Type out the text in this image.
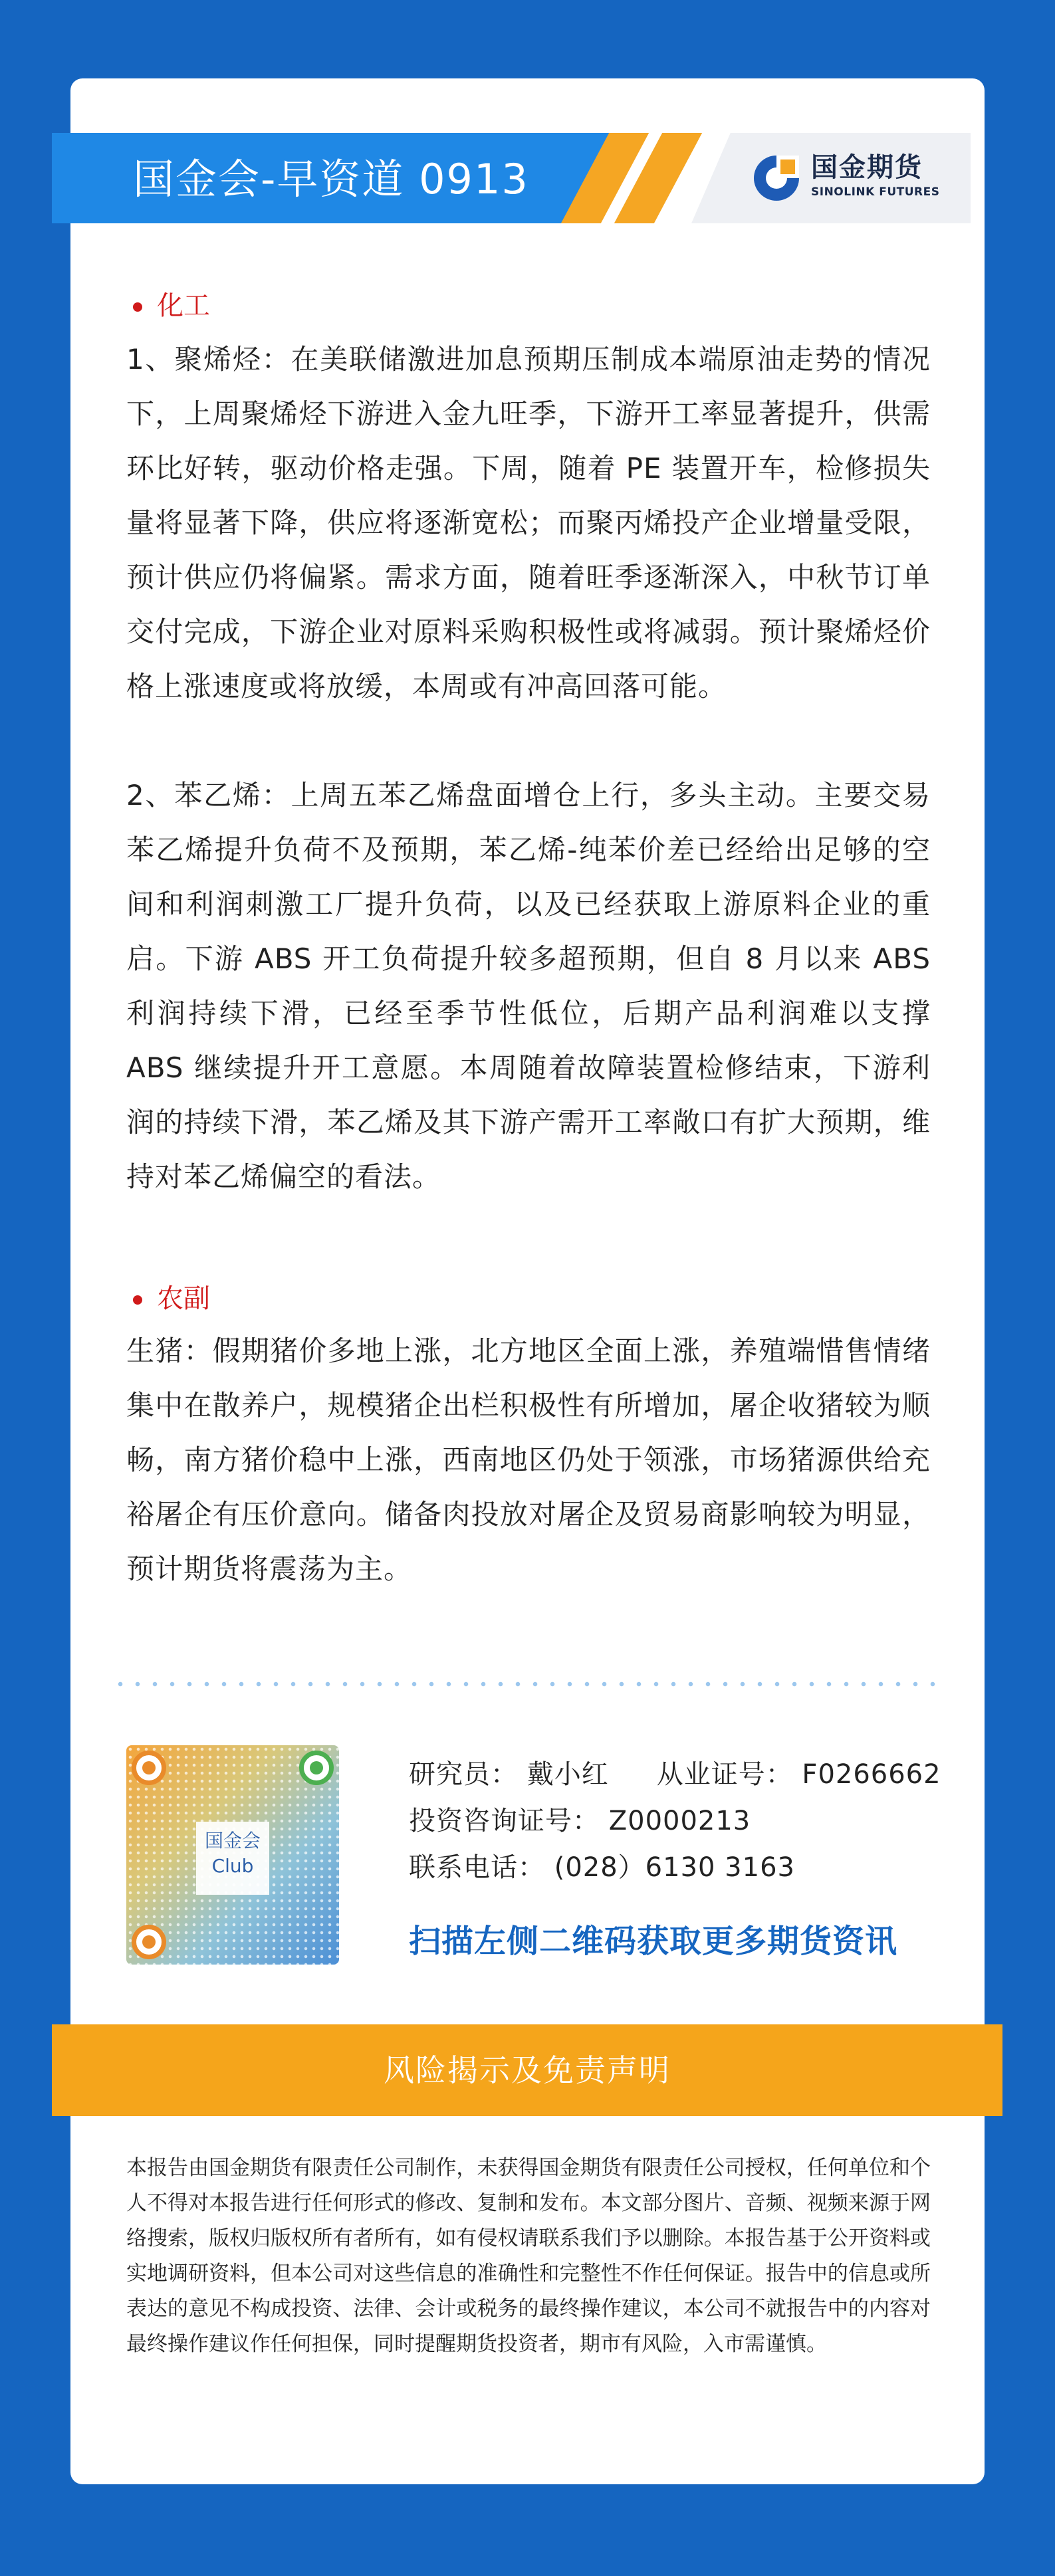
国金会-早资道 0913	国金期货
SINOLINK FUTURES
化工
1、聚烯烃：在美联储激进加息预期压制成本端原油走势的情况下，上周聚烯烃下游进入金九旺季，下游开工率显著提升，供需环比好转，驱动价格走强。下周，随着 PE 装置开车，检修损失量将显著下降，供应将逐渐宽松；而聚丙烯投产企业增量受限，预计供应仍将偏紧。需求方面，随着旺季逐渐深入，中秋节订单交付完成，下游企业对原料采购积极性或将减弱。预计聚烯烃价格上涨速度或将放缓，本周或有冲高回落可能。
2、苯乙烯：上周五苯乙烯盘面增仓上行，多头主动。主要交易苯乙烯提升负荷不及预期，苯乙烯-纯苯价差已经给出足够的空间和利润刺激工厂提升负荷，以及已经获取上游原料企业的重启。下游 ABS 开工负荷提升较多超预期，但自 8 月以来 ABS 利润持续下滑，已经至季节性低位，后期产品利润难以支撑 ABS 继续提升开工意愿。本周随着故障装置检修结束，下游利润的持续下滑，苯乙烯及其下游产需开工率敞口有扩大预期，维持对苯乙烯偏空的看法。
农副
生猪：假期猪价多地上涨，北方地区全面上涨，养殖端惜售情绪集中在散养户，规模猪企出栏积极性有所增加，屠企收猪较为顺畅，南方猪价稳中上涨，西南地区仍处于领涨，市场猪源供给充裕屠企有压价意向。储备肉投放对屠企及贸易商影响较为明显，预计期货将震荡为主。
国金会
Club
研究员： 戴小红 从业证号： F0266662
投资咨询证号： Z0000213
联系电话： (028）6130 3163
扫描左侧二维码获取更多期货资讯
风险揭示及免责声明
本报告由国金期货有限责任公司制作，未获得国金期货有限责任公司授权，任何单位和个人不得对本报告进行任何形式的修改、复制和发布。本文部分图片、音频、视频来源于网络搜索，版权归版权所有者所有，如有侵权请联系我们予以删除。本报告基于公开资料或实地调研资料，但本公司对这些信息的准确性和完整性不作任何保证。报告中的信息或所表达的意见不构成投资、法律、会计或税务的最终操作建议，本公司不就报告中的内容对最终操作建议作任何担保，同时提醒期货投资者，期市有风险，入市需谨慎。
